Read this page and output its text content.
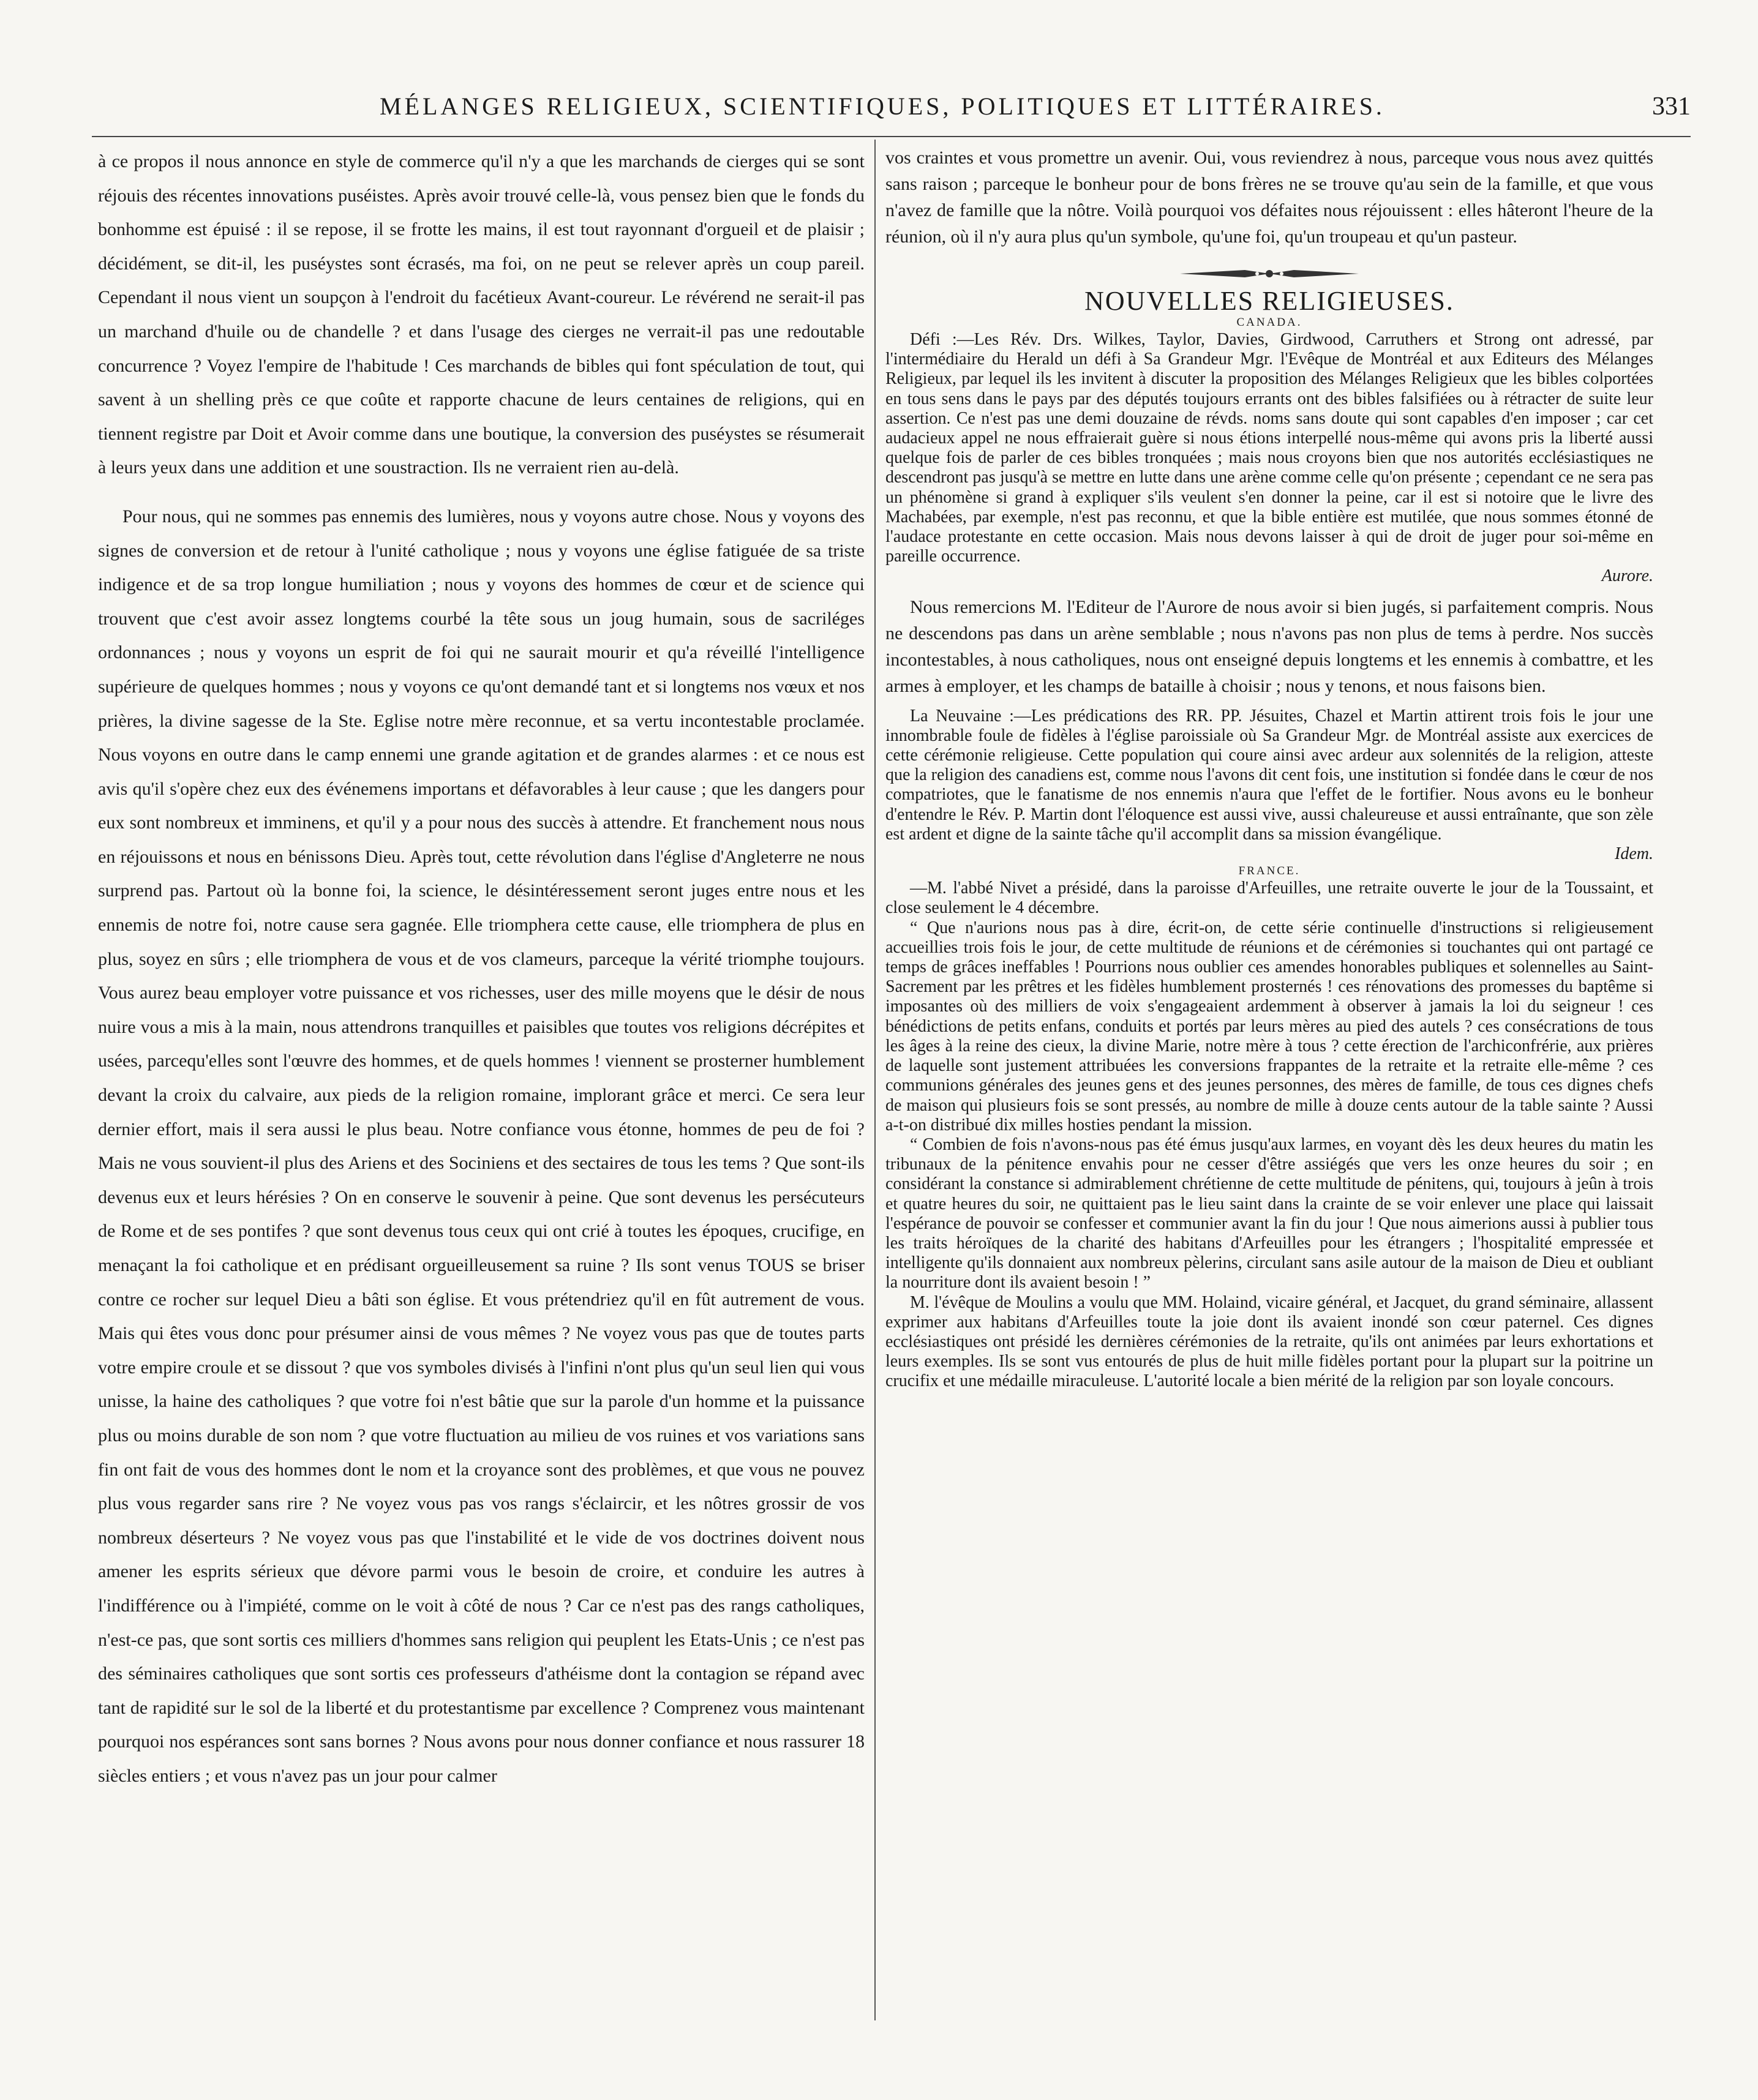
MÉLANGES RELIGIEUX, SCIENTIFIQUES, POLITIQUES ET LITTÉRAIRES.	331

à ce propos il nous annonce en style de commerce qu'il n'y a que les marchands de cierges qui se sont réjouis des récentes innovations puséistes. Après avoir trouvé celle-là, vous pensez bien que le fonds du bonhomme est épuisé : il se repose, il se frotte les mains, il est tout rayonnant d'orgueil et de plaisir ; décidément, se dit-il, les puséystes sont écrasés, ma foi, on ne peut se relever après un coup pareil. Cependant il nous vient un soupçon à l'endroit du facétieux Avant-coureur. Le révérend ne serait-il pas un marchand d'huile ou de chandelle ? et dans l'usage des cierges ne verrait-il pas une redoutable concurrence ? Voyez l'empire de l'habitude ! Ces marchands de bibles qui font spéculation de tout, qui savent à un shelling près ce que coûte et rapporte chacune de leurs centaines de religions, qui en tiennent registre par Doit et Avoir comme dans une boutique, la conversion des puséystes se résumerait à leurs yeux dans une addition et une soustraction. Ils ne verraient rien au-delà.

Pour nous, qui ne sommes pas ennemis des lumières, nous y voyons autre chose. Nous y voyons des signes de conversion et de retour à l'unité catholique ; nous y voyons une église fatiguée de sa triste indigence et de sa trop longue humiliation ; nous y voyons des hommes de cœur et de science qui trouvent que c'est avoir assez longtems courbé la tête sous un joug humain, sous de sacriléges ordonnances ; nous y voyons un esprit de foi qui ne saurait mourir et qu'a réveillé l'intelligence supérieure de quelques hommes ; nous y voyons ce qu'ont demandé tant et si longtems nos vœux et nos prières, la divine sagesse de la Ste. Eglise notre mère reconnue, et sa vertu incontestable proclamée. Nous voyons en outre dans le camp ennemi une grande agitation et de grandes alarmes : et ce nous est avis qu'il s'opère chez eux des événemens importans et défavorables à leur cause ; que les dangers pour eux sont nombreux et imminens, et qu'il y a pour nous des succès à attendre. Et franchement nous nous en réjouissons et nous en bénissons Dieu. Après tout, cette révolution dans l'église d'Angleterre ne nous surprend pas. Partout où la bonne foi, la science, le désintéressement seront juges entre nous et les ennemis de notre foi, notre cause sera gagnée. Elle triomphera cette cause, elle triomphera de plus en plus, soyez en sûrs ; elle triomphera de vous et de vos clameurs, parceque la vérité triomphe toujours. Vous aurez beau employer votre puissance et vos richesses, user des mille moyens que le désir de nous nuire vous a mis à la main, nous attendrons tranquilles et paisibles que toutes vos religions décrépites et usées, parcequ'elles sont l'œuvre des hommes, et de quels hommes ! viennent se prosterner humblement devant la croix du calvaire, aux pieds de la religion romaine, implorant grâce et merci. Ce sera leur dernier effort, mais il sera aussi le plus beau. Notre confiance vous étonne, hommes de peu de foi ? Mais ne vous souvient-il plus des Ariens et des Sociniens et des sectaires de tous les tems ? Que sont-ils devenus eux et leurs hérésies ? On en conserve le souvenir à peine. Que sont devenus les persécuteurs de Rome et de ses pontifes ? que sont devenus tous ceux qui ont crié à toutes les époques, crucifige, en menaçant la foi catholique et en prédisant orgueilleusement sa ruine ? Ils sont venus TOUS se briser contre ce rocher sur lequel Dieu a bâti son église. Et vous prétendriez qu'il en fût autrement de vous. Mais qui êtes vous donc pour présumer ainsi de vous mêmes ? Ne voyez vous pas que de toutes parts votre empire croule et se dissout ? que vos symboles divisés à l'infini n'ont plus qu'un seul lien qui vous unisse, la haine des catholiques ? que votre foi n'est bâtie que sur la parole d'un homme et la puissance plus ou moins durable de son nom ? que votre fluctuation au milieu de vos ruines et vos variations sans fin ont fait de vous des hommes dont le nom et la croyance sont des problèmes, et que vous ne pouvez plus vous regarder sans rire ? Ne voyez vous pas vos rangs s'éclaircir, et les nôtres grossir de vos nombreux déserteurs ? Ne voyez vous pas que l'instabilité et le vide de vos doctrines doivent nous amener les esprits sérieux que dévore parmi vous le besoin de croire, et conduire les autres à l'indifférence ou à l'impiété, comme on le voit à côté de nous ? Car ce n'est pas des rangs catholiques, n'est-ce pas, que sont sortis ces milliers d'hommes sans religion qui peuplent les Etats-Unis ; ce n'est pas des séminaires catholiques que sont sortis ces professeurs d'athéisme dont la contagion se répand avec tant de rapidité sur le sol de la liberté et du protestantisme par excellence ? Comprenez vous maintenant pourquoi nos espérances sont sans bornes ? Nous avons pour nous donner confiance et nous rassurer 18 siècles entiers ; et vous n'avez pas un jour pour calmer

vos craintes et vous promettre un avenir. Oui, vous reviendrez à nous, parceque vous nous avez quittés sans raison ; parceque le bonheur pour de bons frères ne se trouve qu'au sein de la famille, et que vous n'avez de famille que la nôtre. Voilà pourquoi vos défaites nous réjouissent : elles hâteront l'heure de la réunion, où il n'y aura plus qu'un symbole, qu'une foi, qu'un troupeau et qu'un pasteur.

NOUVELLES RELIGIEUSES.

CANADA.

Défi :—Les Rév. Drs. Wilkes, Taylor, Davies, Girdwood, Carruthers et Strong ont adressé, par l'intermédiaire du Herald un défi à Sa Grandeur Mgr. l'Evêque de Montréal et aux Editeurs des Mélanges Religieux, par lequel ils les invitent à discuter la proposition des Mélanges Religieux que les bibles colportées en tous sens dans le pays par des députés toujours errants ont des bibles falsifiées ou à rétracter de suite leur assertion. Ce n'est pas une demi douzaine de révds. noms sans doute qui sont capables d'en imposer ; car cet audacieux appel ne nous effraierait guère si nous étions interpellé nous-même qui avons pris la liberté aussi quelque fois de parler de ces bibles tronquées ; mais nous croyons bien que nos autorités ecclésiastiques ne descendront pas jusqu'à se mettre en lutte dans une arène comme celle qu'on présente ; cependant ce ne sera pas un phénomène si grand à expliquer s'ils veulent s'en donner la peine, car il est si notoire que le livre des Machabées, par exemple, n'est pas reconnu, et que la bible entière est mutilée, que nous sommes étonné de l'audace protestante en cette occasion. Mais nous devons laisser à qui de droit de juger pour soi-même en pareille occurrence.

Aurore.

Nous remercions M. l'Editeur de l'Aurore de nous avoir si bien jugés, si parfaitement compris. Nous ne descendons pas dans un arène semblable ; nous n'avons pas non plus de tems à perdre. Nos succès incontestables, à nous catholiques, nous ont enseigné depuis longtems et les ennemis à combattre, et les armes à employer, et les champs de bataille à choisir ; nous y tenons, et nous faisons bien.

La Neuvaine :—Les prédications des RR. PP. Jésuites, Chazel et Martin attirent trois fois le jour une innombrable foule de fidèles à l'église paroissiale où Sa Grandeur Mgr. de Montréal assiste aux exercices de cette cérémonie religieuse. Cette population qui coure ainsi avec ardeur aux solennités de la religion, atteste que la religion des canadiens est, comme nous l'avons dit cent fois, une institution si fondée dans le cœur de nos compatriotes, que le fanatisme de nos ennemis n'aura que l'effet de le fortifier. Nous avons eu le bonheur d'entendre le Rév. P. Martin dont l'éloquence est aussi vive, aussi chaleureuse et aussi entraînante, que son zèle est ardent et digne de la sainte tâche qu'il accomplit dans sa mission évangélique.

Idem.

FRANCE.

—M. l'abbé Nivet a présidé, dans la paroisse d'Arfeuilles, une retraite ouverte le jour de la Toussaint, et close seulement le 4 décembre.

“ Que n'aurions nous pas à dire, écrit-on, de cette série continuelle d'instructions si religieusement accueillies trois fois le jour, de cette multitude de réunions et de cérémonies si touchantes qui ont partagé ce temps de grâces ineffables ! Pourrions nous oublier ces amendes honorables publiques et solennelles au Saint-Sacrement par les prêtres et les fidèles humblement prosternés ! ces rénovations des promesses du baptême si imposantes où des milliers de voix s'engageaient ardemment à observer à jamais la loi du seigneur ! ces bénédictions de petits enfans, conduits et portés par leurs mères au pied des autels ? ces consécrations de tous les âges à la reine des cieux, la divine Marie, notre mère à tous ? cette érection de l'archiconfrérie, aux prières de laquelle sont justement attribuées les conversions frappantes de la retraite et la retraite elle-même ? ces communions générales des jeunes gens et des jeunes personnes, des mères de famille, de tous ces dignes chefs de maison qui plusieurs fois se sont pressés, au nombre de mille à douze cents autour de la table sainte ? Aussi a-t-on distribué dix milles hosties pendant la mission.

“ Combien de fois n'avons-nous pas été émus jusqu'aux larmes, en voyant dès les deux heures du matin les tribunaux de la pénitence envahis pour ne cesser d'être assiégés que vers les onze heures du soir ; en considérant la constance si admirablement chrétienne de cette multitude de pénitens, qui, toujours à jeûn à trois et quatre heures du soir, ne quittaient pas le lieu saint dans la crainte de se voir enlever une place qui laissait l'espérance de pouvoir se confesser et communier avant la fin du jour ! Que nous aimerions aussi à publier tous les traits héroïques de la charité des habitans d'Arfeuilles pour les étrangers ; l'hospitalité empressée et intelligente qu'ils donnaient aux nombreux pèlerins, circulant sans asile autour de la maison de Dieu et oubliant la nourriture dont ils avaient besoin ! ”

M. l'évêque de Moulins a voulu que MM. Holaind, vicaire général, et Jacquet, du grand séminaire, allassent exprimer aux habitans d'Arfeuilles toute la joie dont ils avaient inondé son cœur paternel. Ces dignes ecclésiastiques ont présidé les dernières cérémonies de la retraite, qu'ils ont animées par leurs exhortations et leurs exemples. Ils se sont vus entourés de plus de huit mille fidèles portant pour la plupart sur la poitrine un crucifix et une médaille miraculeuse. L'autorité locale a bien mérité de la religion par son loyale concours.
